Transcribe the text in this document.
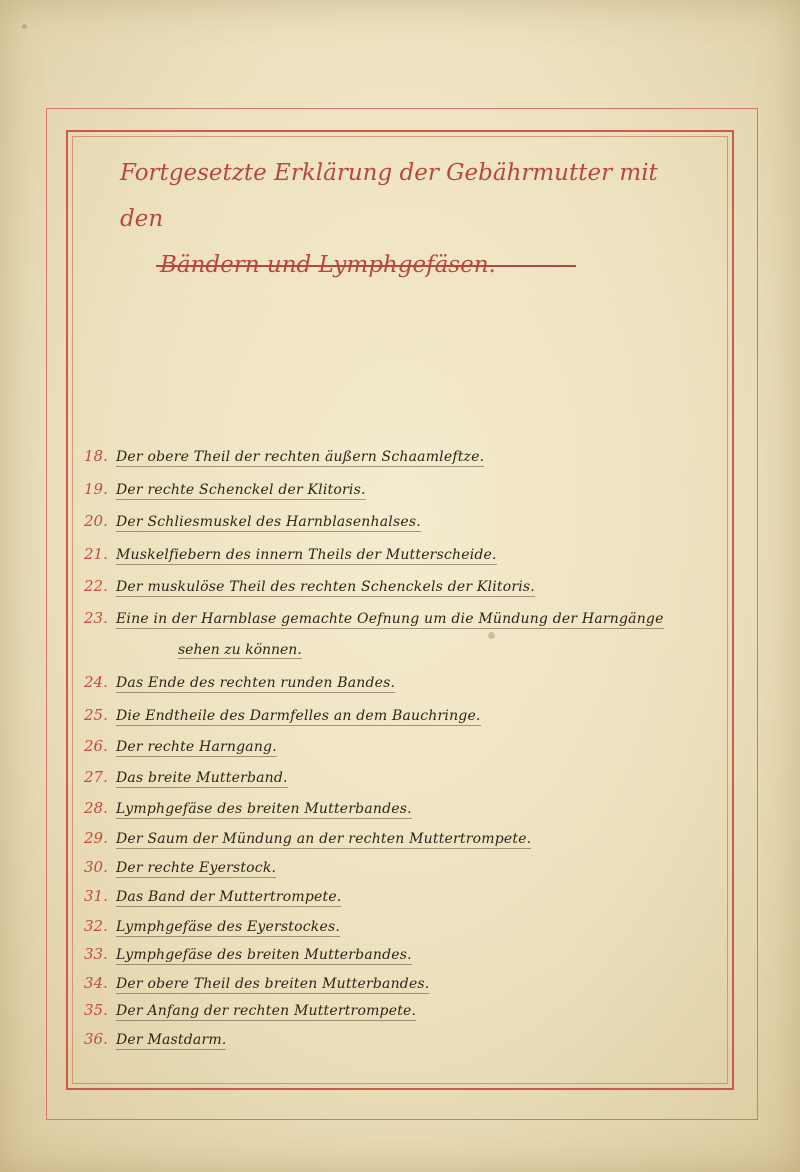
Fortgesetzte Erklärung der Gebährmutter mit den
Bändern und Lymphgefäsen.
18. Der obere Theil der rechten äußern Schaamleftze.
19. Der rechte Schenckel der Klitoris.
20. Der Schliesmuskel des Harnblasenhalses.
21. Muskelfiebern des innern Theils der Mutterscheide.
22. Der muskulöse Theil des rechten Schenckels der Klitoris.
23. Eine in der Harnblase gemachte Oefnung um die Mündung der Harngänge
sehen zu können.
24. Das Ende des rechten runden Bandes.
25. Die Endtheile des Darmfelles an dem Bauchringe.
26. Der rechte Harngang.
27. Das breite Mutterband.
28. Lymphgefäse des breiten Mutterbandes.
29. Der Saum der Mündung an der rechten Muttertrompete.
30. Der rechte Eyerstock.
31. Das Band der Muttertrompete.
32. Lymphgefäse des Eyerstockes.
33. Lymphgefäse des breiten Mutterbandes.
34. Der obere Theil des breiten Mutterbandes.
35. Der Anfang der rechten Muttertrompete.
36. Der Mastdarm.
